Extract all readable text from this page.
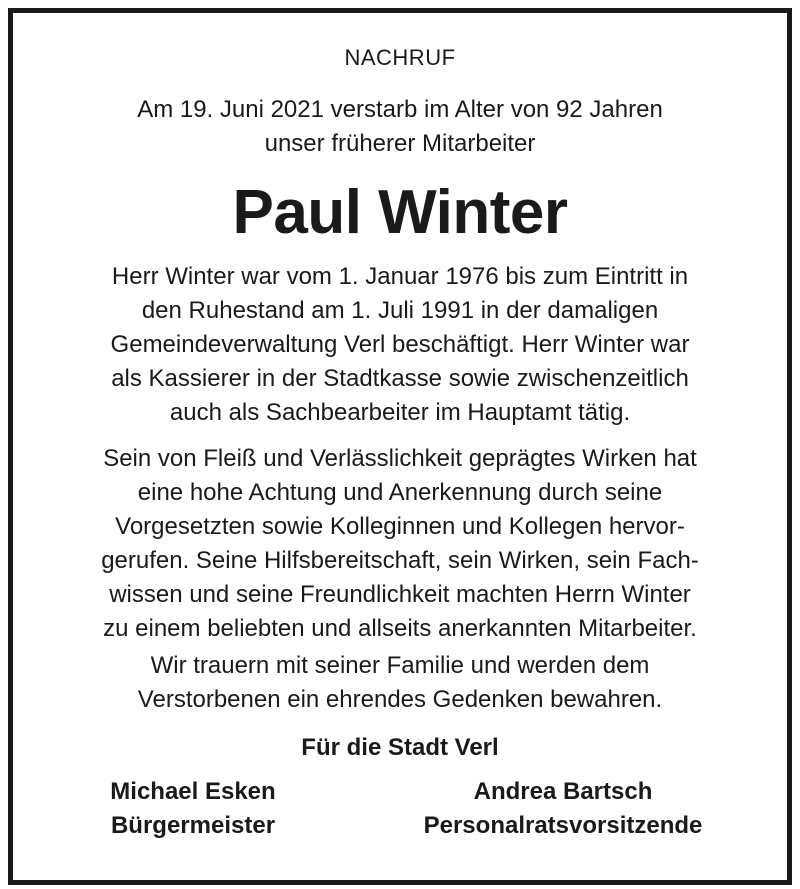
NACHRUF
Am 19. Juni 2021 verstarb im Alter von 92 Jahren
unser früherer Mitarbeiter
Paul Winter
Herr Winter war vom 1. Januar 1976 bis zum Eintritt in
den Ruhestand am 1. Juli 1991 in der damaligen
Gemeindeverwaltung Verl beschäftigt. Herr Winter war
als Kassierer in der Stadtkasse sowie zwischenzeitlich
auch als Sachbearbeiter im Hauptamt tätig.
Sein von Fleiß und Verlässlichkeit geprägtes Wirken hat
eine hohe Achtung und Anerkennung durch seine
Vorgesetzten sowie Kolleginnen und Kollegen hervor-
gerufen. Seine Hilfsbereitschaft, sein Wirken, sein Fach-
wissen und seine Freundlichkeit machten Herrn Winter
zu einem beliebten und allseits anerkannten Mitarbeiter.
Wir trauern mit seiner Familie und werden dem
Verstorbenen ein ehrendes Gedenken bewahren.
Für die Stadt Verl
Michael Esken
Bürgermeister
Andrea Bartsch
Personalratsvorsitzende
